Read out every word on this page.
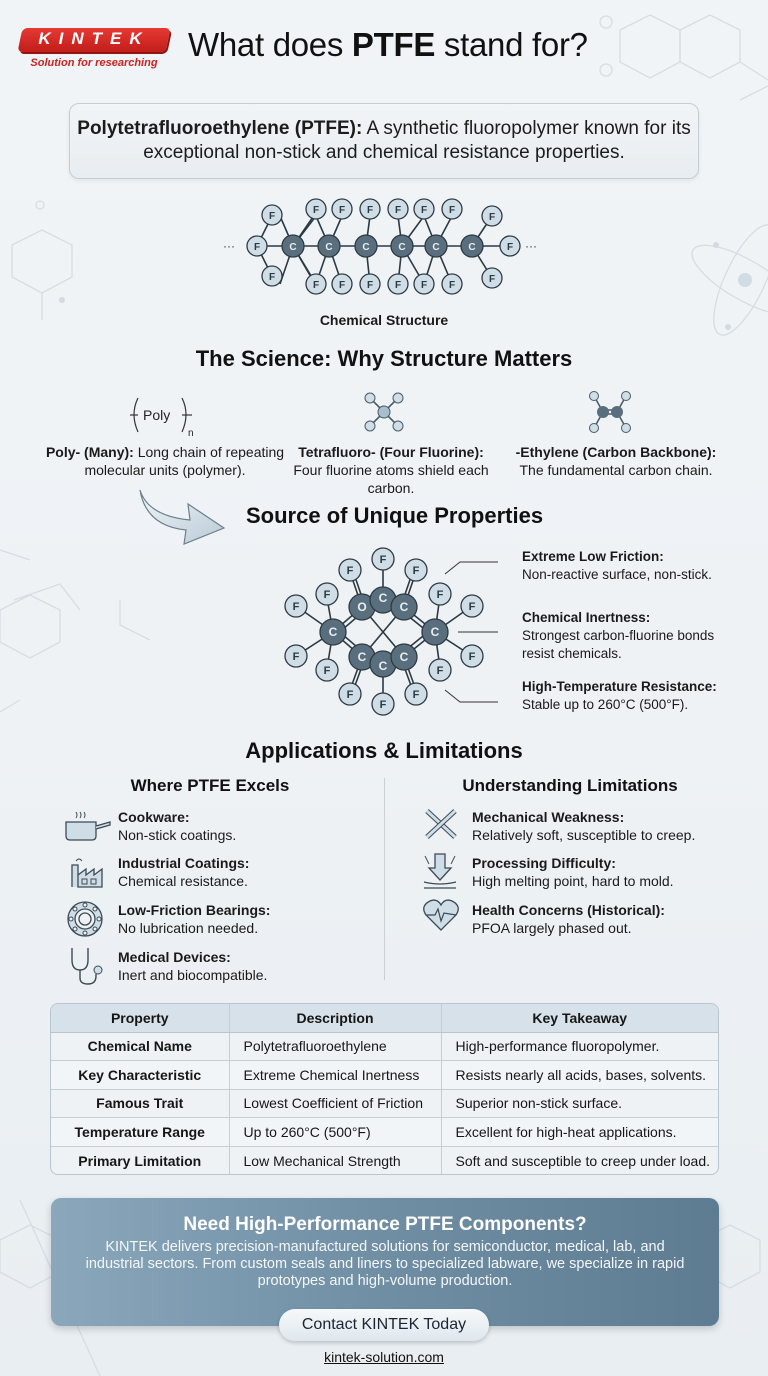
KINTEK
Solution for researching What does PTFE stand for?
Polytetrafluoroethylene (PTFE): A synthetic fluoropolymer known for its exceptional non-stick and chemical resistance properties.
···	···
F
F
F
F F F F F F
F F F F F F
F
F
F
C	C	C	C	C	C
Chemical Structure
The Science: Why Structure Matters
Poly
n
Poly- (Many): Long chain of repeating molecular units (polymer).
Tetrafluoro- (Four Fluorine): Four fluorine atoms shield each carbon.
-Ethylene (Carbon Backbone):
The fundamental carbon chain.
Source of Unique Properties
F
F	F
F	F
F	F
F	F
F	F
F	F
F
C	C
O
C
C
C
C
C
Extreme Low Friction:
Non-reactive surface, non-stick.
Chemical Inertness:
Strongest carbon-fluorine bonds resist chemicals.
High-Temperature Resistance:
Stable up to 260°C (500°F).
Applications & Limitations
Where PTFE Excels	Understanding Limitations
Cookware:
Non-stick coatings.
Industrial Coatings:
Chemical resistance.
Low-Friction Bearings:
No lubrication needed.
Medical Devices:
Inert and biocompatible.
Mechanical Weakness:
Relatively soft, susceptible to creep.
Processing Difficulty:
High melting point, hard to mold.
Health Concerns (Historical):
PFOA largely phased out.
Property	Description	Key Takeaway
Chemical Name	Polytetrafluoroethylene	High-performance fluoropolymer.
Key Characteristic	Extreme Chemical Inertness	Resists nearly all acids, bases, solvents.
Famous Trait	Lowest Coefficient of Friction	Superior non-stick surface.
Temperature Range	Up to 260°C (500°F)	Excellent for high-heat applications.
Primary Limitation	Low Mechanical Strength	Soft and susceptible to creep under load.
Need High-Performance PTFE Components?
KINTEK delivers precision-manufactured solutions for semiconductor, medical, lab, and industrial sectors. From custom seals and liners to specialized labware, we specialize in rapid prototypes and high-volume production.
Contact KINTEK Today
kintek-solution.com
